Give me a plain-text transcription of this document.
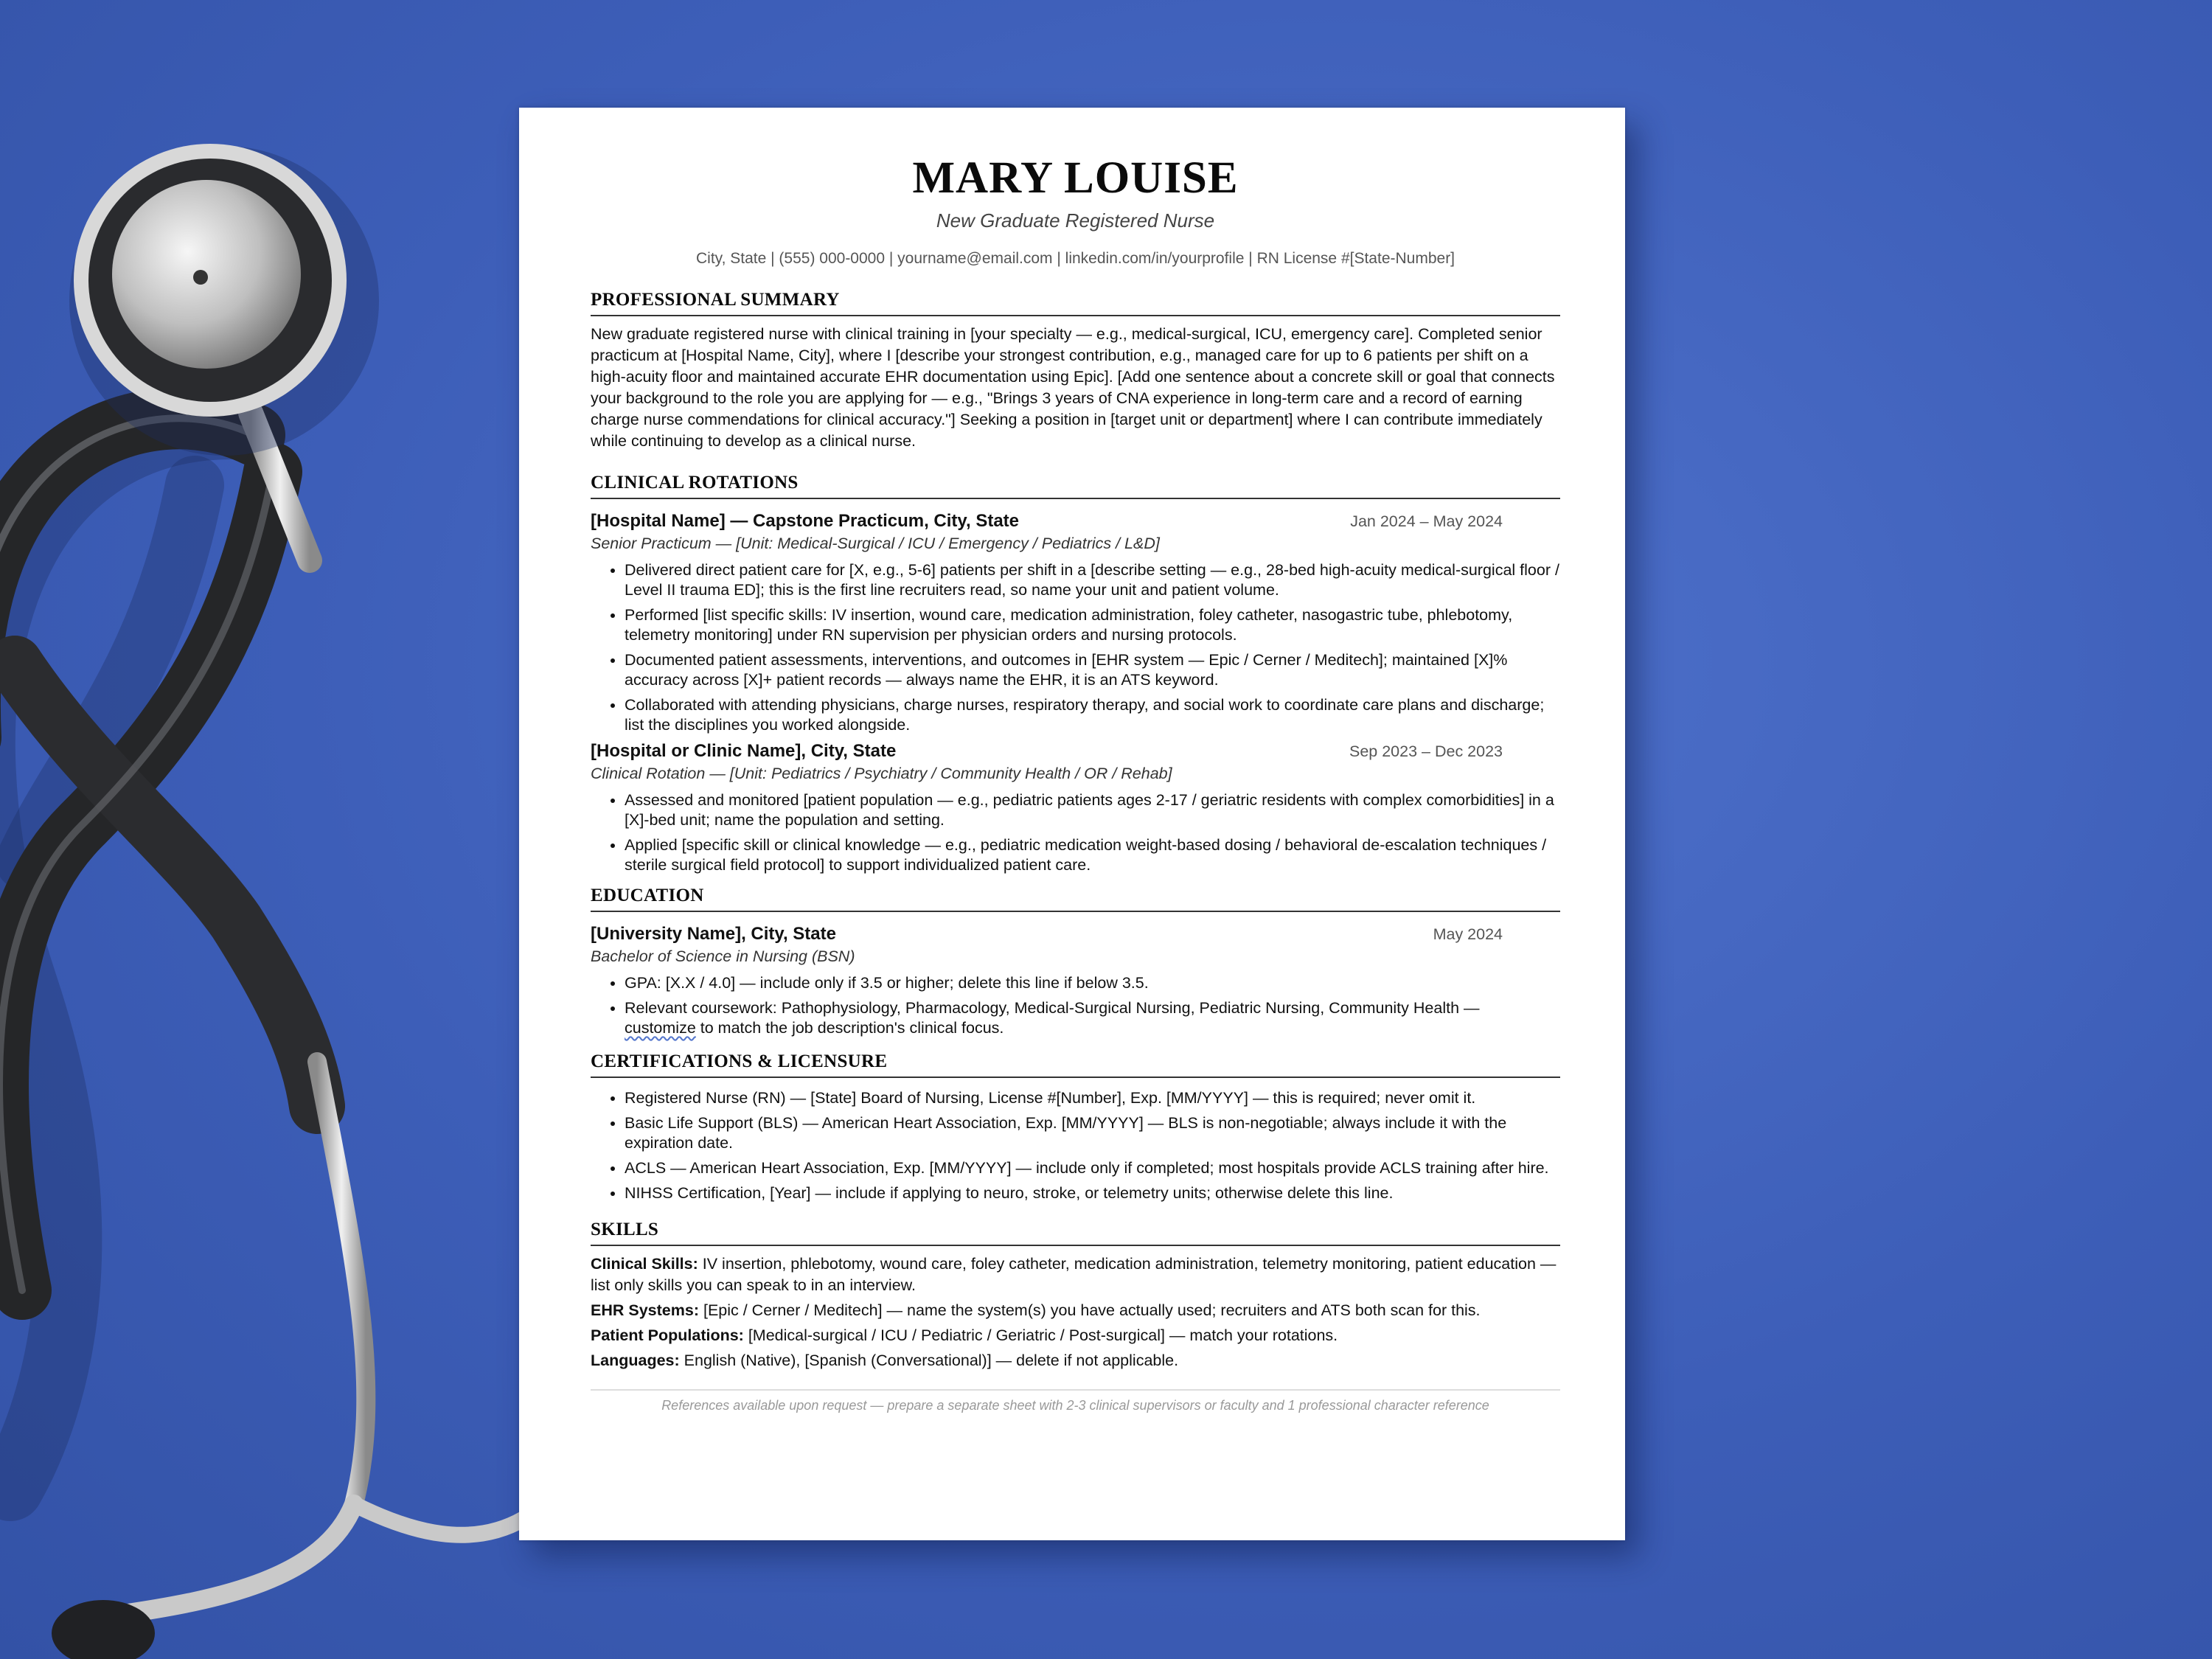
MARY LOUISE
New Graduate Registered Nurse
City, State | (555) 000-0000 | yourname@email.com | linkedin.com/in/yourprofile | RN License #[State-Number]
PROFESSIONAL SUMMARY
New graduate registered nurse with clinical training in [your specialty — e.g., medical-surgical, ICU, emergency care]. Completed senior practicum at [Hospital Name, City], where I [describe your strongest contribution, e.g., managed care for up to 6 patients per shift on a high-acuity floor and maintained accurate EHR documentation using Epic]. [Add one sentence about a concrete skill or goal that connects your background to the role you are applying for — e.g., "Brings 3 years of CNA experience in long-term care and a record of earning charge nurse commendations for clinical accuracy."] Seeking a position in [target unit or department] where I can contribute immediately while continuing to develop as a clinical nurse.
CLINICAL ROTATIONS
[Hospital Name] — Capstone Practicum, City, State	Jan 2024 – May 2024
Senior Practicum — [Unit: Medical-Surgical / ICU / Emergency / Pediatrics / L&D]
• Delivered direct patient care for [X, e.g., 5-6] patients per shift in a [describe setting — e.g., 28-bed high-acuity medical-surgical floor / Level II trauma ED]; this is the first line recruiters read, so name your unit and patient volume.
• Performed [list specific skills: IV insertion, wound care, medication administration, foley catheter, nasogastric tube, phlebotomy, telemetry monitoring] under RN supervision per physician orders and nursing protocols.
• Documented patient assessments, interventions, and outcomes in [EHR system — Epic / Cerner / Meditech]; maintained [X]% accuracy across [X]+ patient records — always name the EHR, it is an ATS keyword.
• Collaborated with attending physicians, charge nurses, respiratory therapy, and social work to coordinate care plans and discharge; list the disciplines you worked alongside.
[Hospital or Clinic Name], City, State	Sep 2023 – Dec 2023
Clinical Rotation — [Unit: Pediatrics / Psychiatry / Community Health / OR / Rehab]
• Assessed and monitored [patient population — e.g., pediatric patients ages 2-17 / geriatric residents with complex comorbidities] in a [X]-bed unit; name the population and setting.
• Applied [specific skill or clinical knowledge — e.g., pediatric medication weight-based dosing / behavioral de-escalation techniques / sterile surgical field protocol] to support individualized patient care.
EDUCATION
[University Name], City, State	May 2024
Bachelor of Science in Nursing (BSN)
• GPA: [X.X / 4.0] — include only if 3.5 or higher; delete this line if below 3.5.
• Relevant coursework: Pathophysiology, Pharmacology, Medical-Surgical Nursing, Pediatric Nursing, Community Health —
customize to match the job description's clinical focus.
CERTIFICATIONS & LICENSURE
• Registered Nurse (RN) — [State] Board of Nursing, License #[Number], Exp. [MM/YYYY] — this is required; never omit it.
• Basic Life Support (BLS) — American Heart Association, Exp. [MM/YYYY] — BLS is non-negotiable; always include it with the expiration date.
• ACLS — American Heart Association, Exp. [MM/YYYY] — include only if completed; most hospitals provide ACLS training after hire.
• NIHSS Certification, [Year] — include if applying to neuro, stroke, or telemetry units; otherwise delete this line.
SKILLS
Clinical Skills: IV insertion, phlebotomy, wound care, foley catheter, medication administration, telemetry monitoring, patient education — list only skills you can speak to in an interview.
EHR Systems: [Epic / Cerner / Meditech] — name the system(s) you have actually used; recruiters and ATS both scan for this.
Patient Populations: [Medical-surgical / ICU / Pediatric / Geriatric / Post-surgical] — match your rotations.
Languages: English (Native), [Spanish (Conversational)] — delete if not applicable.
References available upon request — prepare a separate sheet with 2-3 clinical supervisors or faculty and 1 professional character reference
